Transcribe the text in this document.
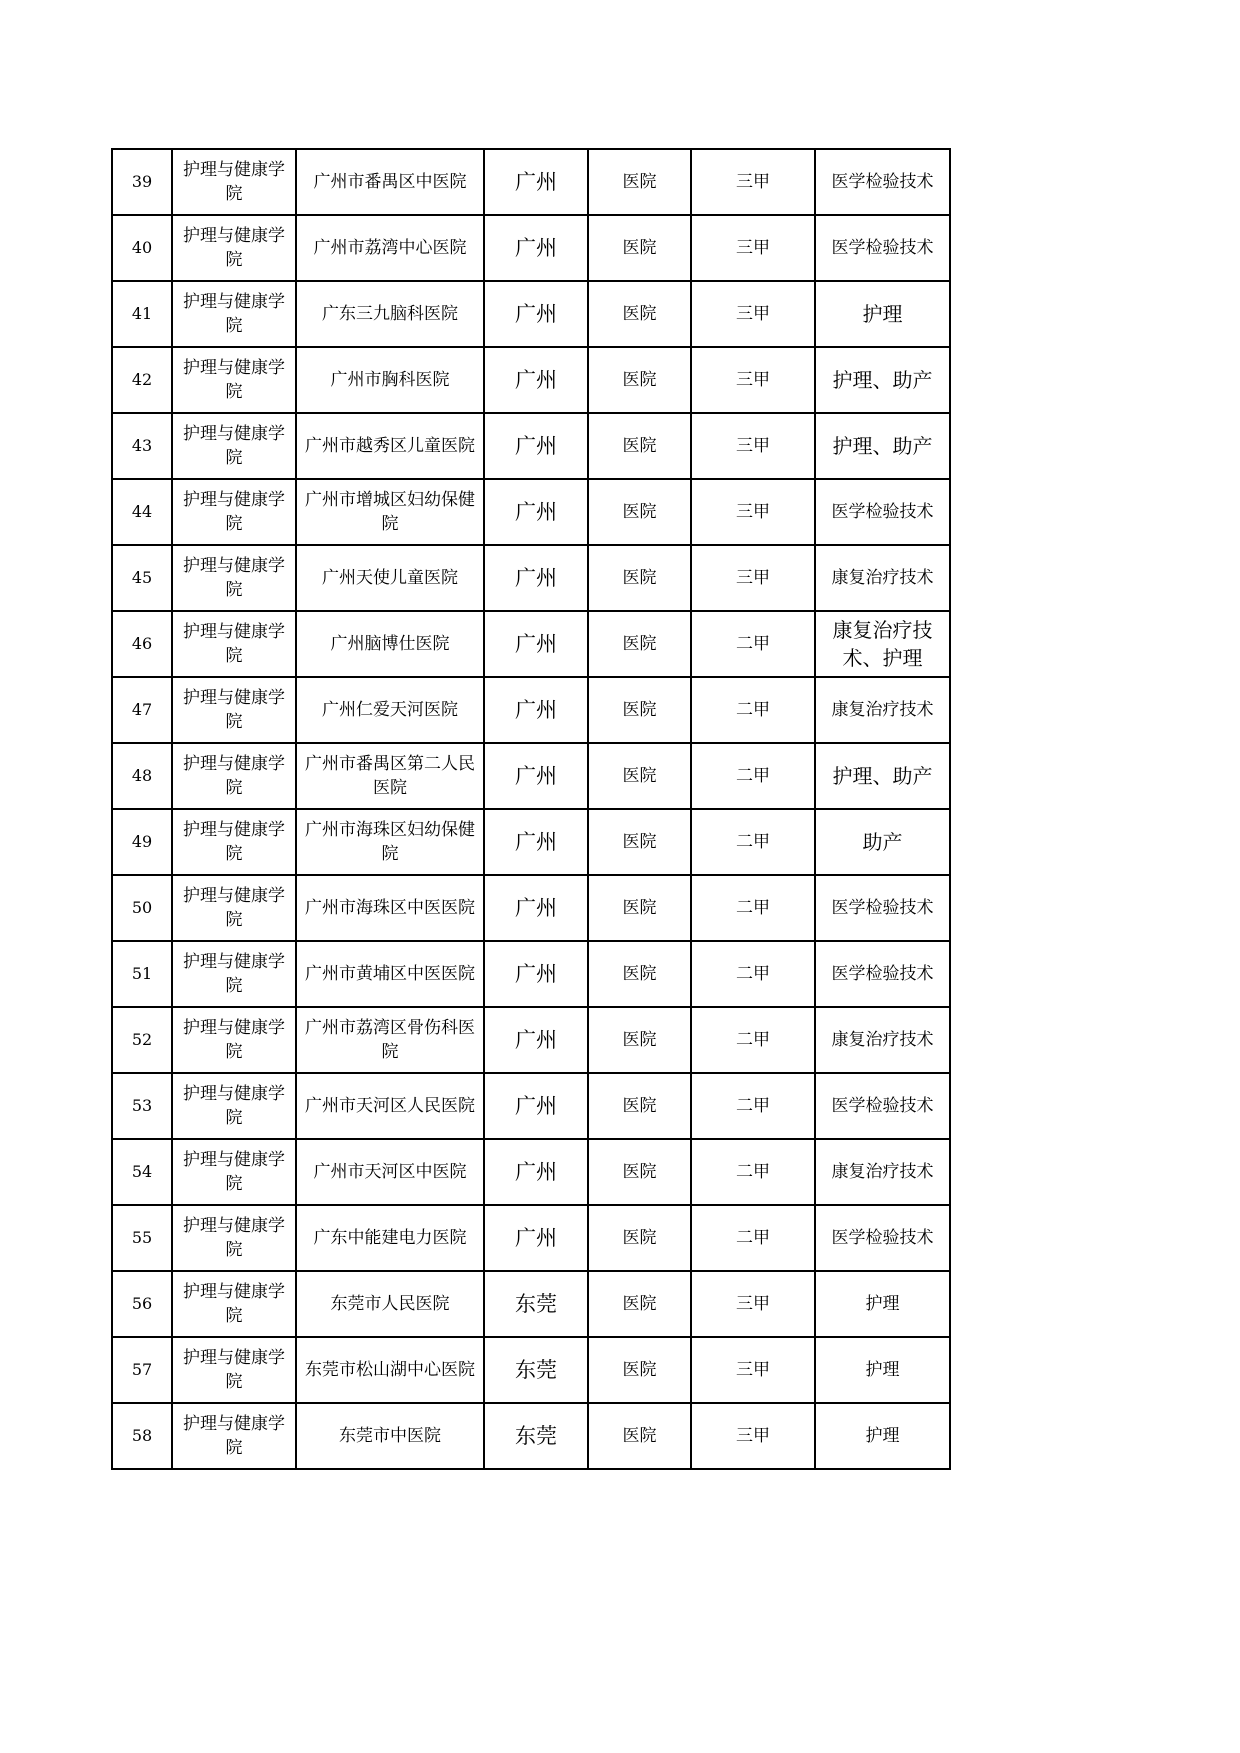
39	护理与健康学院	广州市番禺区中医院	广州	医院	三甲	医学检验技术
40	护理与健康学院	广州市荔湾中心医院	广州	医院	三甲	医学检验技术
41	护理与健康学院	广东三九脑科医院	广州	医院	三甲	护理
42	护理与健康学院	广州市胸科医院	广州	医院	三甲	护理、助产
43	护理与健康学院	广州市越秀区儿童医院	广州	医院	三甲	护理、助产
44	护理与健康学院	广州市增城区妇幼保健院	广州	医院	三甲	医学检验技术
45	护理与健康学院	广州天使儿童医院	广州	医院	三甲	康复治疗技术
46	护理与健康学院	广州脑博仕医院	广州	医院	二甲	康复治疗技术、护理
47	护理与健康学院	广州仁爱天河医院	广州	医院	二甲	康复治疗技术
48	护理与健康学院	广州市番禺区第二人民医院	广州	医院	二甲	护理、助产
49	护理与健康学院	广州市海珠区妇幼保健院	广州	医院	二甲	助产
50	护理与健康学院	广州市海珠区中医医院	广州	医院	二甲	医学检验技术
51	护理与健康学院	广州市黄埔区中医医院	广州	医院	二甲	医学检验技术
52	护理与健康学院	广州市荔湾区骨伤科医院	广州	医院	二甲	康复治疗技术
53	护理与健康学院	广州市天河区人民医院	广州	医院	二甲	医学检验技术
54	护理与健康学院	广州市天河区中医院	广州	医院	二甲	康复治疗技术
55	护理与健康学院	广东中能建电力医院	广州	医院	二甲	医学检验技术
56	护理与健康学院	东莞市人民医院	东莞	医院	三甲	护理
57	护理与健康学院	东莞市松山湖中心医院	东莞	医院	三甲	护理
58	护理与健康学院	东莞市中医院	东莞	医院	三甲	护理
